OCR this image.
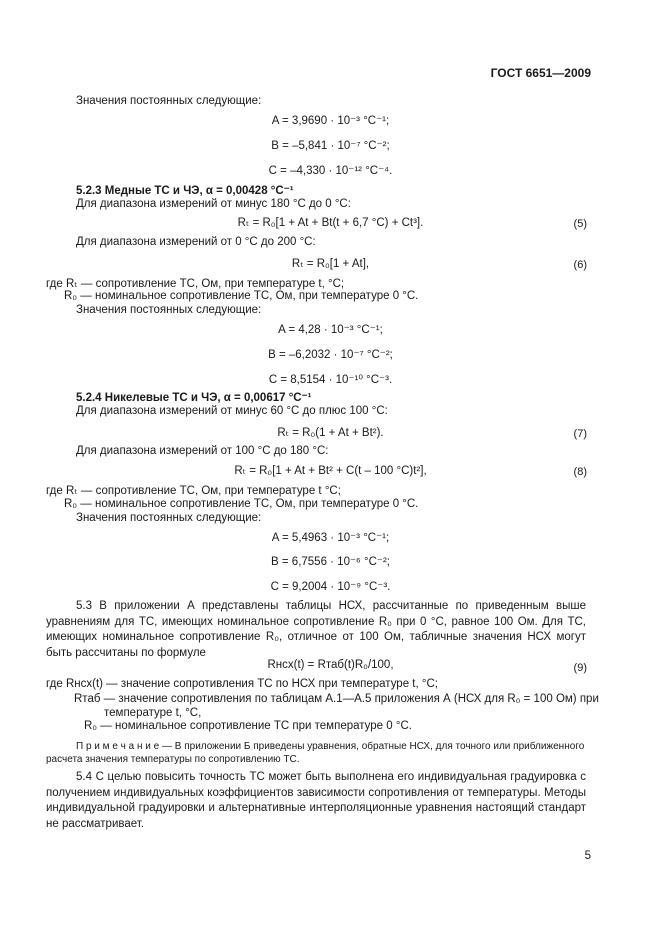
ГОСТ 6651—2009
Значения постоянных следующие:
A = 3,9690 · 10⁻³ °C⁻¹;
B = –5,841 · 10⁻⁷ °C⁻²;
C = –4,330 · 10⁻¹² °C⁻⁴.
5.2.3 Медные ТС и ЧЭ, α = 0,00428 °C⁻¹
Для диапазона измерений от минус 180 °C до 0 °C:
Rₜ = R₀[1 + At + Bt(t + 6,7 °C) + Ct³].	(5)
Для диапазона измерений от 0 °C до 200 °C:
Rₜ = R₀[1 + At],	(6)
где Rₜ — сопротивление ТС, Ом, при температуре t, °C;
R₀ — номинальное сопротивление ТС, Ом, при температуре 0 °C.
Значения постоянных следующие:
A = 4,28 · 10⁻³ °C⁻¹;
B = –6,2032 · 10⁻⁷ °C⁻²;
C = 8,5154 · 10⁻¹⁰ °C⁻³.
5.2.4 Никелевые ТС и ЧЭ, α = 0,00617 °C⁻¹
Для диапазона измерений от минус 60 °C до плюс 100 °C:
Rₜ = R₀(1 + At + Bt²).	(7)
Для диапазона измерений от 100 °C до 180 °C:
Rₜ = R₀[1 + At + Bt² + C(t – 100 °C)t²],	(8)
где Rₜ — сопротивление ТС, Ом, при температуре t °C;
R₀ — номинальное сопротивление ТС, Ом, при температуре 0 °C.
Значения постоянных следующие:
A = 5,4963 · 10⁻³ °C⁻¹;
B = 6,7556 · 10⁻⁶ °C⁻²;
C = 9,2004 · 10⁻⁹ °C⁻³.
5.3 В приложении А представлены таблицы НСХ, рассчитанные по приведенным выше уравнениям для ТС, имеющих номинальное сопротивление R₀ при 0 °C, равное 100 Ом. Для ТС, имеющих номинальное сопротивление R₀, отличное от 100 Ом, табличные значения НСХ могут быть рассчитаны по формуле
Rнсх(t) = Rтаб(t)R₀/100,	(9)
где Rнсх(t) — значение сопротивления ТС по НСХ при температуре t, °C;
Rтаб — значение сопротивления по таблицам А.1—А.5 приложения А (НСХ для R₀ = 100 Ом) при температуре t, °C,
R₀ — номинальное сопротивление ТС при температуре 0 °C.
П р и м е ч а н и е — В приложении Б приведены уравнения, обратные НСХ, для точного или приближенного расчета значения температуры по сопротивлению ТС.
5.4 С целью повысить точность ТС может быть выполнена его индивидуальная градуировка с получением индивидуальных коэффициентов зависимости сопротивления от температуры. Методы индивидуальной градуировки и альтернативные интерполяционные уравнения настоящий стандарт не рассматривает.
5
